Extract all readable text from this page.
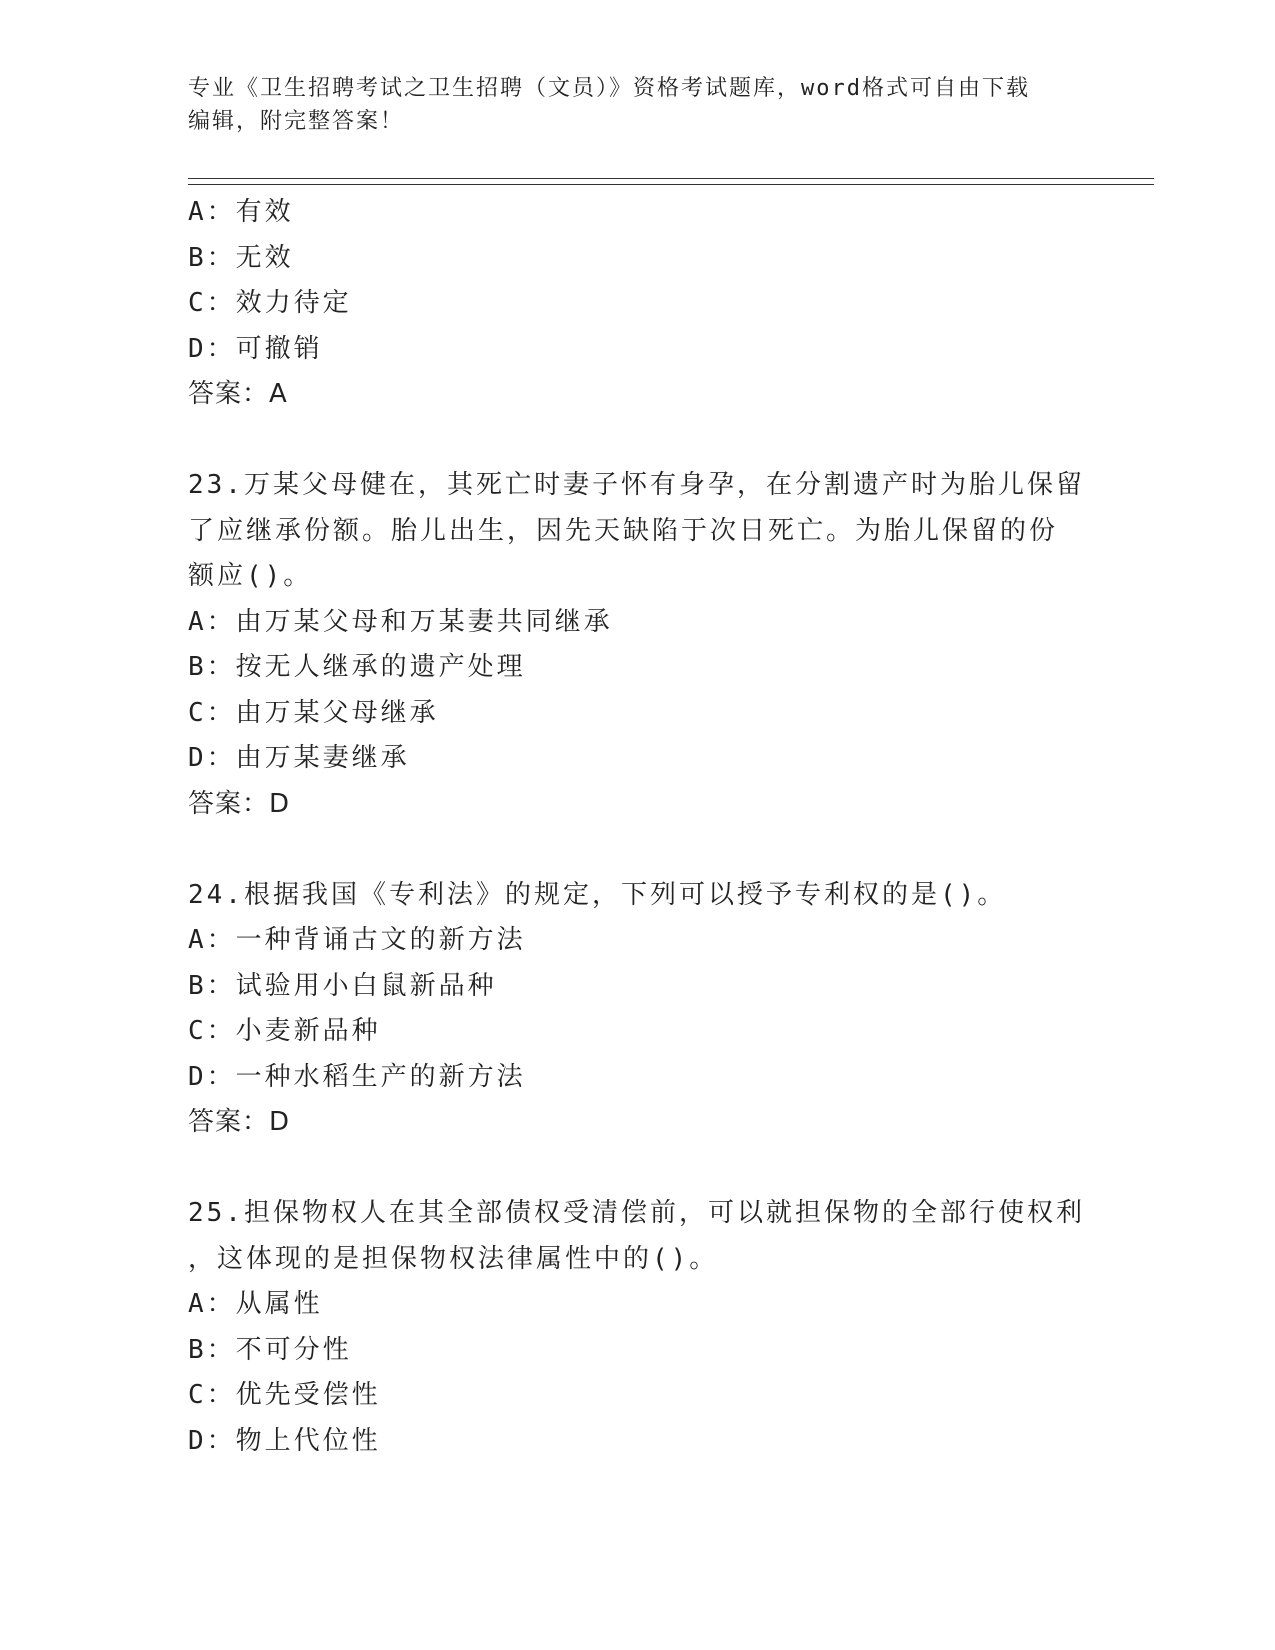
专业《卫生招聘考试之卫生招聘（文员）》资格考试题库，word格式可自由下载
编辑，附完整答案！
A：有效
B：无效
C：效力待定
D：可撤销
答案：A
23.万某父母健在，其死亡时妻子怀有身孕，在分割遗产时为胎儿保留
了应继承份额。胎儿出生，因先天缺陷于次日死亡。为胎儿保留的份
额应()。
A：由万某父母和万某妻共同继承
B：按无人继承的遗产处理
C：由万某父母继承
D：由万某妻继承
答案：D
24.根据我国《专利法》的规定，下列可以授予专利权的是()。
A：一种背诵古文的新方法
B：试验用小白鼠新品种
C：小麦新品种
D：一种水稻生产的新方法
答案：D
25.担保物权人在其全部债权受清偿前，可以就担保物的全部行使权利
，这体现的是担保物权法律属性中的()。
A：从属性
B：不可分性
C：优先受偿性
D：物上代位性
